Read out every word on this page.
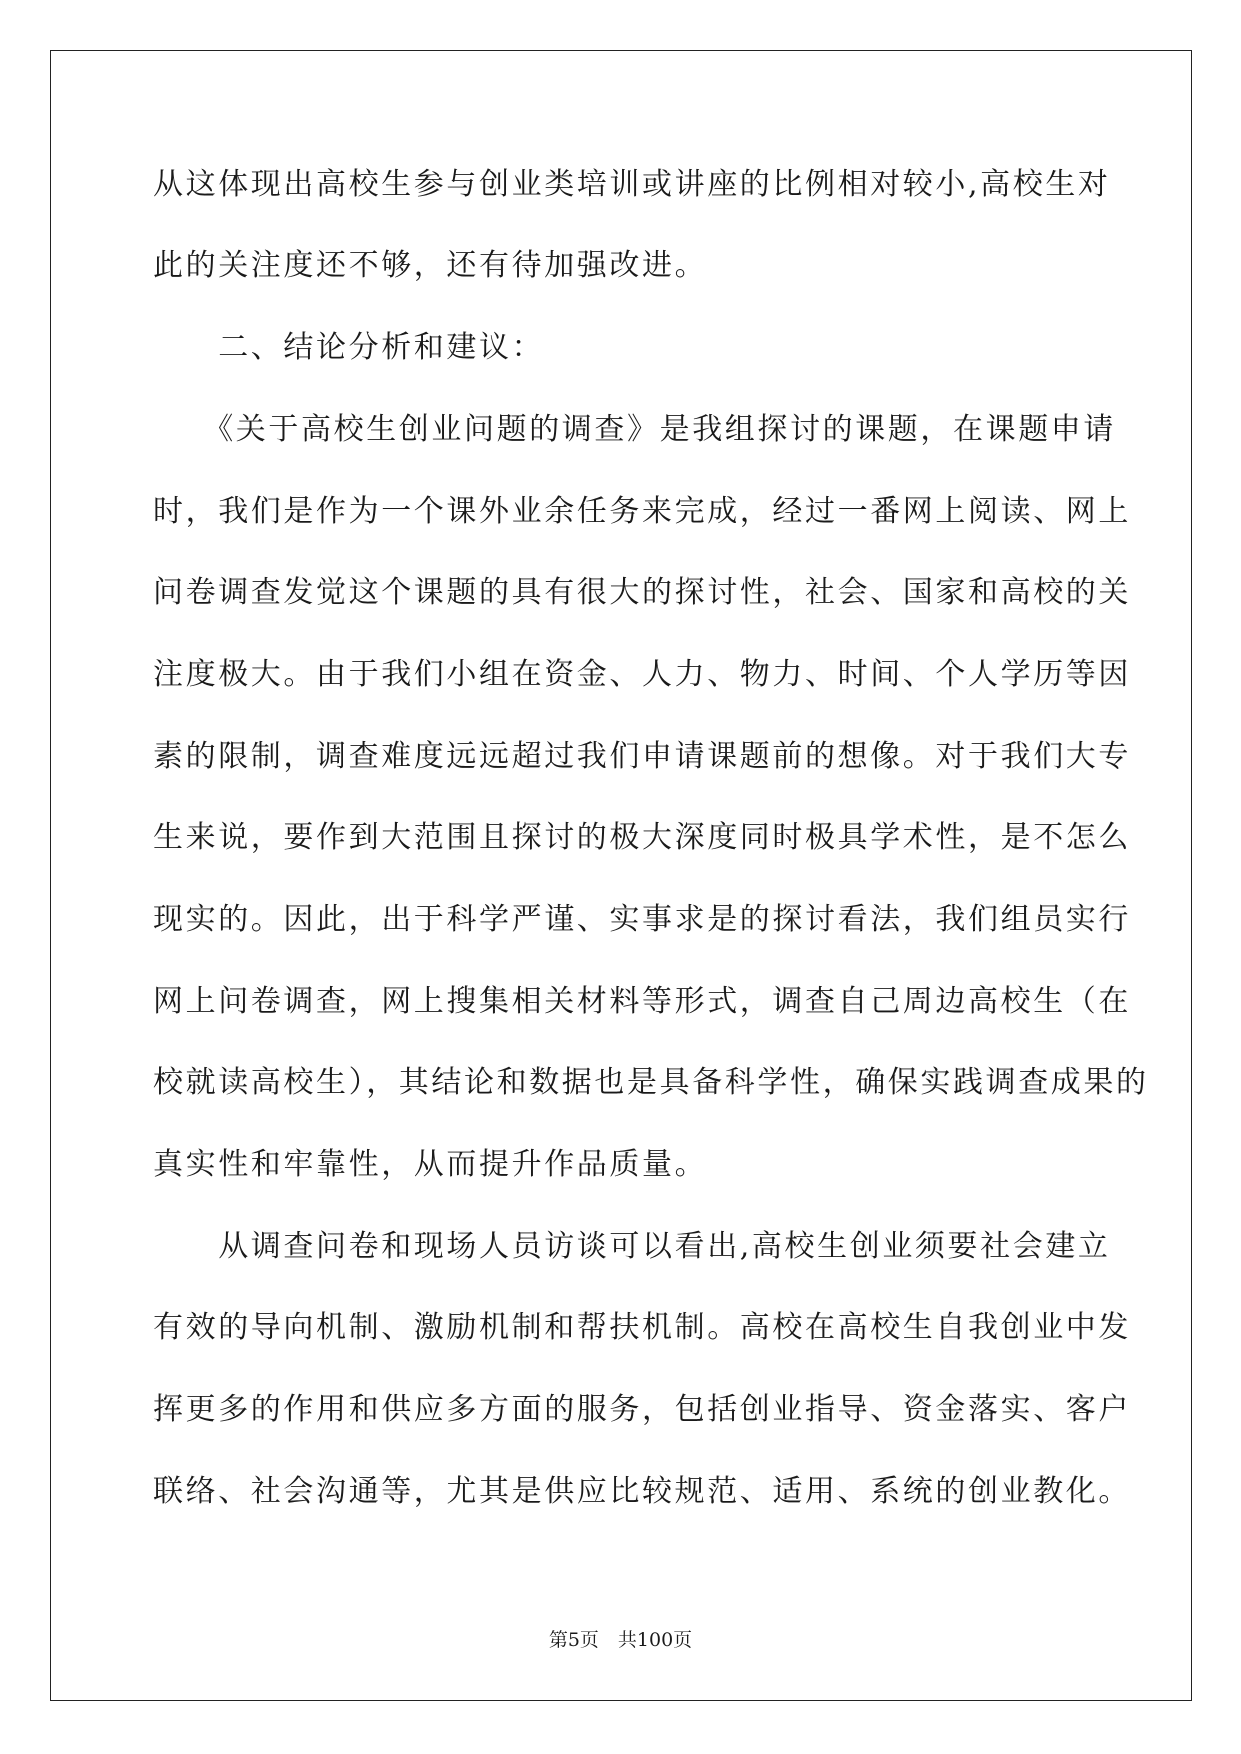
从这体现出高校生参与创业类培训或讲座的比例相对较小,高校生对
此的关注度还不够，还有待加强改进。
　　二、结论分析和建议：
　　《关于高校生创业问题的调查》是我组探讨的课题，在课题申请
时，我们是作为一个课外业余任务来完成，经过一番网上阅读、网上
问卷调查发觉这个课题的具有很大的探讨性，社会、国家和高校的关
注度极大。由于我们小组在资金、人力、物力、时间、个人学历等因
素的限制，调查难度远远超过我们申请课题前的想像。对于我们大专
生来说，要作到大范围且探讨的极大深度同时极具学术性，是不怎么
现实的。因此，出于科学严谨、实事求是的探讨看法，我们组员实行
网上问卷调查，网上搜集相关材料等形式，调查自己周边高校生（在
校就读高校生），其结论和数据也是具备科学性，确保实践调查成果的
真实性和牢靠性，从而提升作品质量。
　　从调查问卷和现场人员访谈可以看出,高校生创业须要社会建立
有效的导向机制、激励机制和帮扶机制。高校在高校生自我创业中发
挥更多的作用和供应多方面的服务，包括创业指导、资金落实、客户
联络、社会沟通等，尤其是供应比较规范、适用、系统的创业教化。
第5页　共100页
